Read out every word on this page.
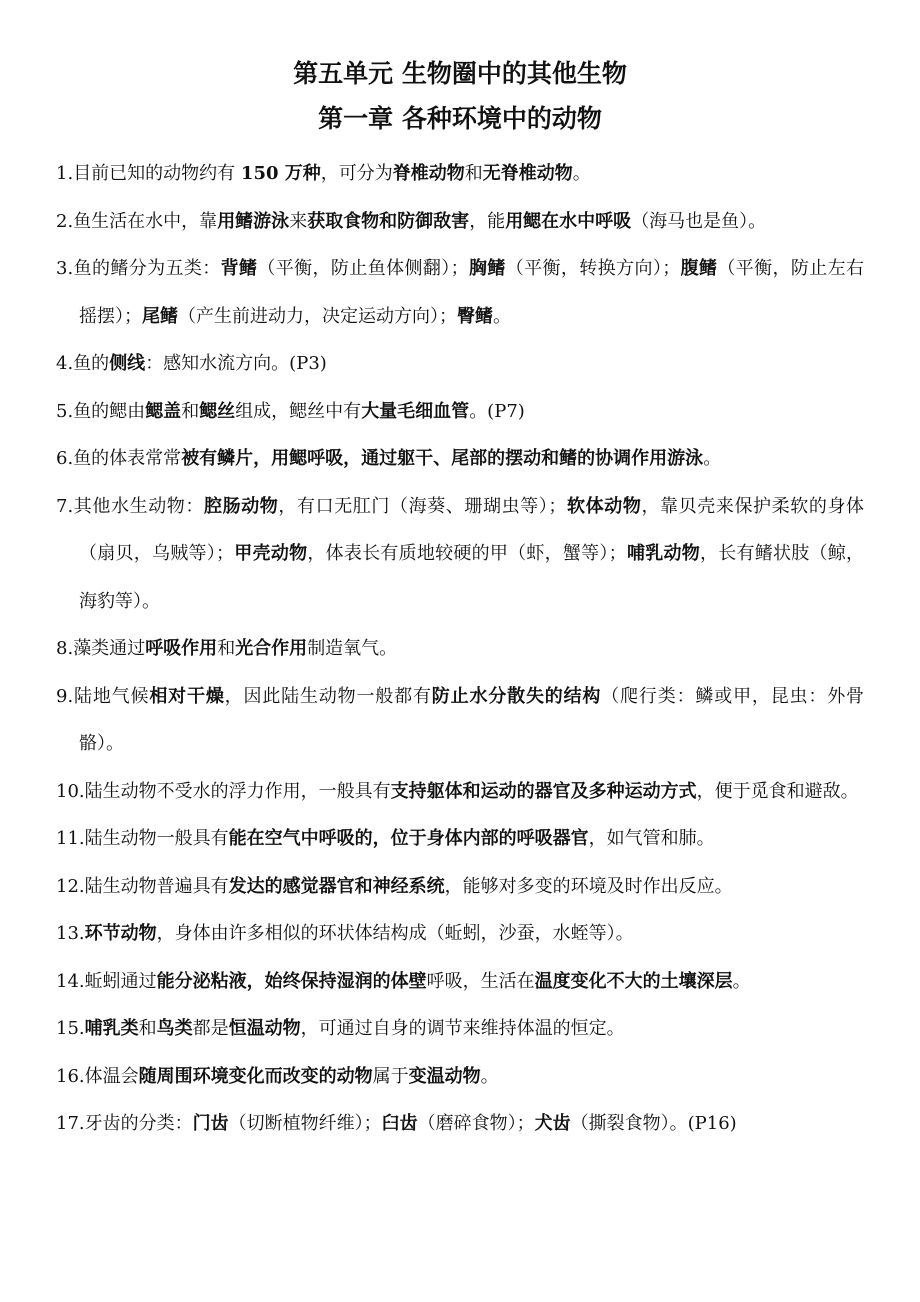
第五单元 生物圈中的其他生物
第一章 各种环境中的动物

1.目前已知的动物约有 150 万种，可分为脊椎动物和无脊椎动物。

2.鱼生活在水中，靠用鳍游泳来获取食物和防御敌害，能用鳃在水中呼吸（海马也是鱼）。

3.鱼的鳍分为五类：背鳍（平衡，防止鱼体侧翻）；胸鳍（平衡，转换方向）；腹鳍（平衡，防止左右摇摆）；尾鳍（产生前进动力，决定运动方向）；臀鳍。

4.鱼的侧线：感知水流方向。(P3)

5.鱼的鳃由鳃盖和鳃丝组成，鳃丝中有大量毛细血管。(P7)

6.鱼的体表常常被有鳞片，用鳃呼吸，通过躯干、尾部的摆动和鳍的协调作用游泳。

7.其他水生动物：腔肠动物，有口无肛门（海葵、珊瑚虫等）；软体动物，靠贝壳来保护柔软的身体（扇贝，乌贼等）；甲壳动物，体表长有质地较硬的甲（虾，蟹等）；哺乳动物，长有鳍状肢（鲸，海豹等）。

8.藻类通过呼吸作用和光合作用制造氧气。

9.陆地气候相对干燥，因此陆生动物一般都有防止水分散失的结构（爬行类：鳞或甲，昆虫：外骨骼）。

10.陆生动物不受水的浮力作用，一般具有支持躯体和运动的器官及多种运动方式，便于觅食和避敌。

11.陆生动物一般具有能在空气中呼吸的，位于身体内部的呼吸器官，如气管和肺。

12.陆生动物普遍具有发达的感觉器官和神经系统，能够对多变的环境及时作出反应。

13.环节动物，身体由许多相似的环状体结构成（蚯蚓，沙蚕，水蛭等）。

14.蚯蚓通过能分泌粘液，始终保持湿润的体壁呼吸，生活在温度变化不大的土壤深层。

15.哺乳类和鸟类都是恒温动物，可通过自身的调节来维持体温的恒定。

16.体温会随周围环境变化而改变的动物属于变温动物。

17.牙齿的分类：门齿（切断植物纤维）；臼齿（磨碎食物）；犬齿（撕裂食物）。(P16)
